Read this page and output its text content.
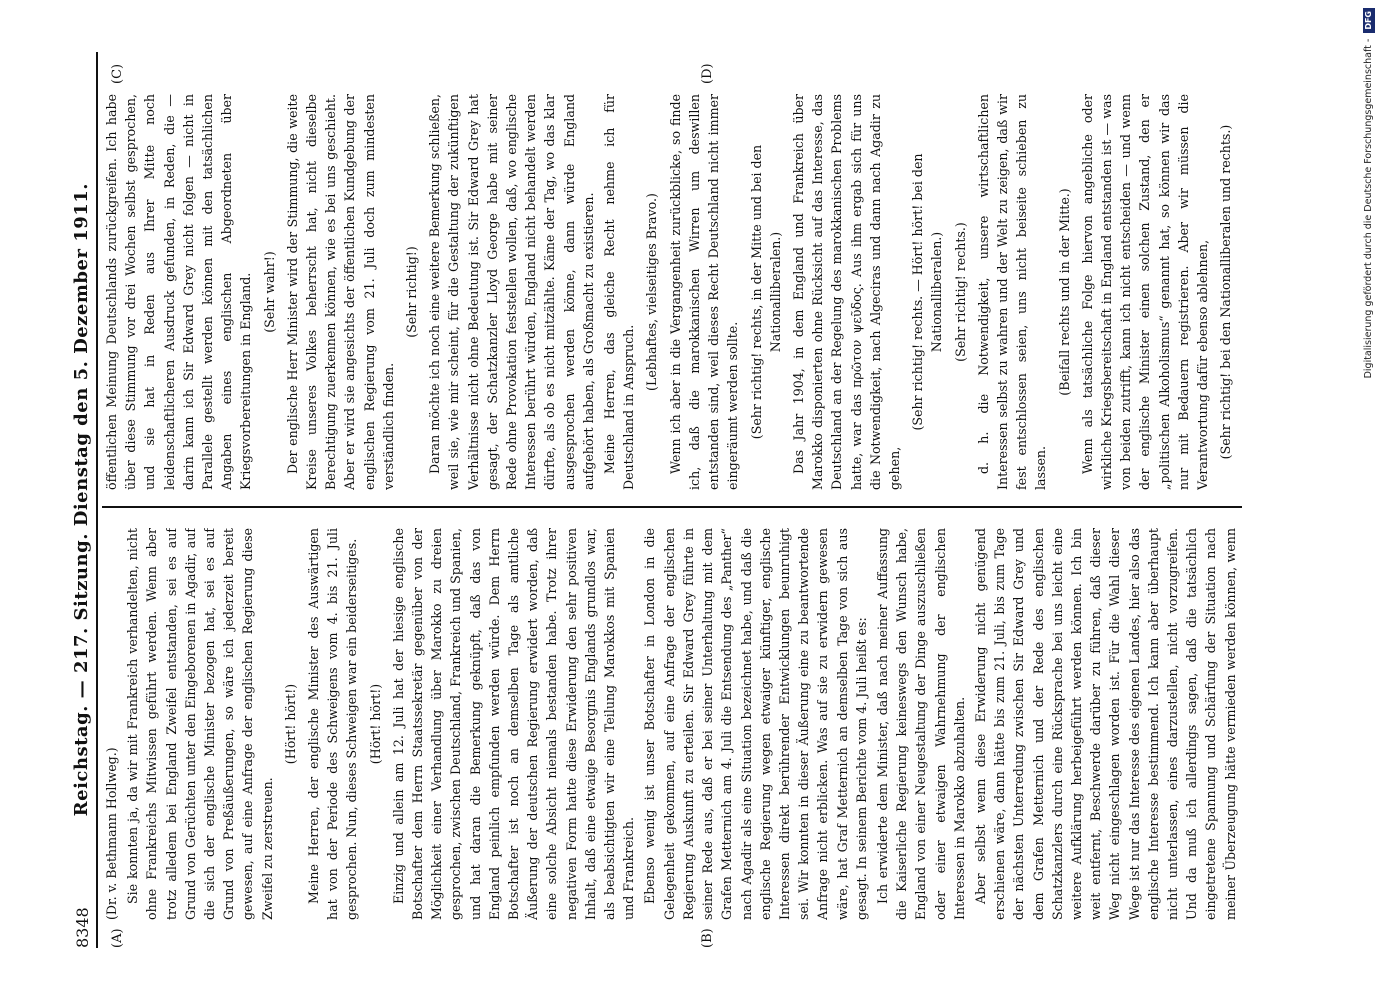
8348
Reichstag. — 217. Sitzung. Dienstag den 5. Dezember 1911.
(A)	(B)
(C)	(D)

(Dr. v. Bethmann Hollweg.) Sie konnten ja, da wir mit Frankreich verhandelten, nicht ohne Frankreichs Mitwissen geführt werden. Wenn aber trotz alledem bei England Zweifel entstanden, sei es auf Grund von Gerüchten unter den Eingeborenen in Agadir, auf die sich der englische Minister bezogen hat, sei es auf Grund von Preßäußerungen, so wäre ich jederzeit bereit gewesen, auf eine Anfrage der englischen Regierung diese Zweifel zu zerstreuen.

(Hört! hört!) Meine Herren, der englische Minister des Auswärtigen hat von der Periode des Schweigens vom 4. bis 21. Juli gesprochen. Nun, dieses Schweigen war ein beiderseitiges. (Hört! hört!) Einzig und allein am 12. Juli hat der hiesige englische Botschafter dem Herrn Staatssekretär gegenüber von der Möglichkeit einer Verhandlung über Marokko zu dreien gesprochen, zwischen Deutschland, Frankreich und Spanien, und hat daran die Bemerkung geknüpft, daß das von England peinlich empfunden werden würde. Dem Herrn Botschafter ist noch an demselben Tage als amtliche Äußerung der deutschen Regierung erwidert worden, daß eine solche Absicht niemals bestanden habe. Trotz ihrer negativen Form hatte diese Erwiderung den sehr positiven Inhalt, daß eine etwaige Besorgnis Englands grundlos war, als beabsichtigten wir eine Teilung Marokkos mit Spanien und Frankreich. Ebenso wenig ist unser Botschafter in London in die Gelegenheit gekommen, auf eine Anfrage der englischen Regierung Auskunft zu erteilen. Sir Edward Grey führte in seiner Rede aus, daß er bei seiner Unterhaltung mit dem Grafen Metternich am 4. Juli die Entsendung des „Panther“ nach Agadir als eine Situation bezeichnet habe, und daß die englische Regierung wegen etwaiger künftiger, englische Interessen direkt berührender Entwicklungen beunruhigt sei. Wir konnten in dieser Äußerung eine zu beantwortende Anfrage nicht erblicken. Was auf sie zu erwidern gewesen wäre, hat Graf Metternich an demselben Tage von sich aus gesagt. In seinem Berichte vom 4. Juli heißt es: Ich erwiderte dem Minister, daß nach meiner Auffassung die Kaiserliche Regierung keineswegs den Wunsch habe, England von einer Neugestaltung der Dinge auszuschließen oder einer etwaigen Wahrnehmung der englischen Interessen in Marokko abzuhalten. Aber selbst wenn diese Erwiderung nicht genügend erschienen wäre, dann hätte bis zum 21. Juli, bis zum Tage der nächsten Unterredung zwischen Sir Edward Grey und dem Grafen Metternich und der Rede des englischen Schatzkanzlers durch eine Rücksprache bei uns leicht eine weitere Aufklärung herbeigeführt werden können. Ich bin weit entfernt, Beschwerde darüber zu führen, daß dieser Weg nicht eingeschlagen worden ist. Für die Wahl dieser Wege ist nur das Interesse des eigenen Landes, hier also das englische Interesse bestimmend. Ich kann aber überhaupt nicht unterlassen, eines darzustellen, nicht vorzugreifen. Und da muß ich allerdings sagen, daß die tatsächlich eingetretene Spannung und Schärfung der Situation nach meiner Überzeugung hätte vermieden werden können, wenn

öffentlichen Meinung Deutschlands zurückgreifen. Ich habe über diese Stimmung vor drei Wochen selbst gesprochen, und sie hat in Reden aus Ihrer Mitte noch leidenschaftlicheren Ausdruck gefunden, in Reden, die — darin kann ich Sir Edward Grey nicht folgen — nicht in Parallele gestellt werden können mit den tatsächlichen Angaben eines englischen Abgeordneten über Kriegsvorbereitungen in England. (Sehr wahr!) Der englische Herr Minister wird der Stimmung, die weite Kreise unseres Volkes beherrscht hat, nicht dieselbe Berechtigung zuerkennen können, wie es bei uns geschieht. Aber er wird sie angesichts der öffentlichen Kundgebung der englischen Regierung vom 21. Juli doch zum mindesten verständlich finden.

(Sehr richtig!) Daran möchte ich noch eine weitere Bemerkung schließen, weil sie, wie mir scheint, für die Gestaltung der zukünftigen Verhältnisse nicht ohne Bedeutung ist. Sir Edward Grey hat gesagt, der Schatzkanzler Lloyd George habe mit seiner Rede ohne Provokation feststellen wollen, daß, wo englische Interessen berührt würden, England nicht behandelt werden dürfte, als ob es nicht mitzählte. Käme der Tag, wo das klar ausgesprochen werden könne, dann würde England aufgehört haben, als Großmacht zu existieren. Meine Herren, das gleiche Recht nehme ich für Deutschland in Anspruch.

(Lebhaftes, vielseitiges Bravo.) Wenn ich aber in die Vergangenheit zurückblicke, so finde ich, daß die marokkanischen Wirren um deswillen entstanden sind, weil dieses Recht Deutschland nicht immer eingeräumt werden sollte. (Sehr richtig! rechts, in der Mitte und bei den Nationalliberalen.) Das Jahr 1904, in dem England und Frankreich über Marokko disponierten ohne Rücksicht auf das Interesse, das Deutschland an der Regelung des marokkanischen Problems hatte, war das πρῶτον ψεῦδος. Aus ihm ergab sich für uns die Notwendigkeit, nach Algeciras und dann nach Agadir zu gehen,

(Sehr richtig! rechts. — Hört! hört! bei den Nationalliberalen.) (Sehr richtig! rechts.) d. h. die Notwendigkeit, unsere wirtschaftlichen Interessen selbst zu wahren und der Welt zu zeigen, daß wir fest entschlossen seien, uns nicht beiseite schieben zu lassen.

(Beifall rechts und in der Mitte.) Wenn als tatsächliche Folge hiervon angebliche oder wirkliche Kriegsbereitschaft in England entstanden ist — was von beiden zutrifft, kann ich nicht entscheiden — und wenn der englische Minister einen solchen Zustand, den er „politischen Alkoholismus“ genannt hat, so können wir das nur mit Bedauern registrieren. Aber wir müssen die Verantwortung dafür ebenso ablehnen, (Sehr richtig! bei den Nationalliberalen und rechts.)	Digitalisierung gefördert durch die Deutsche Forschungsgemeinschaft -
DFG
